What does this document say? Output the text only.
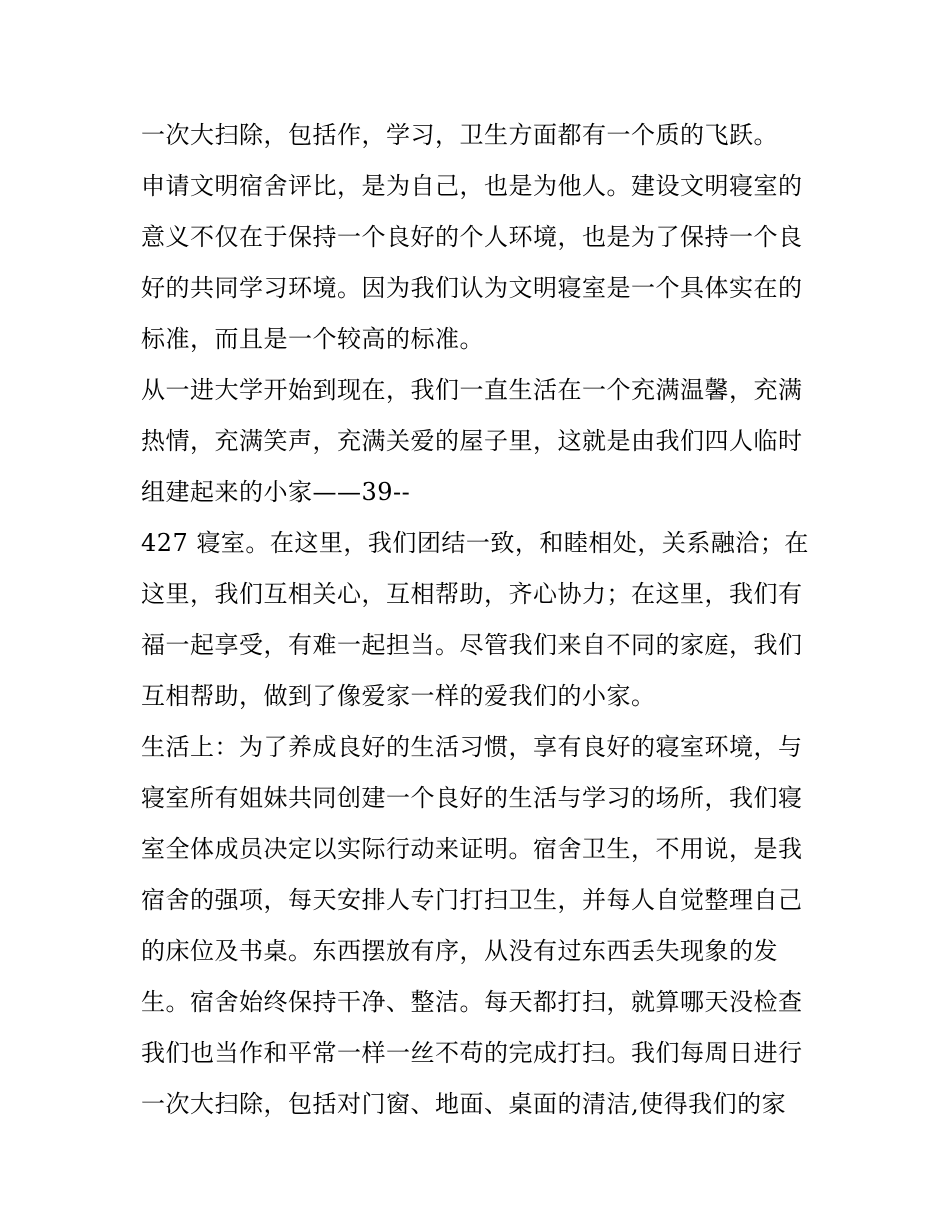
一次大扫除，包括作，学习，卫生方面都有一个质的飞跃。
申请文明宿舍评比，是为自己，也是为他人。建设文明寝室的
意义不仅在于保持一个良好的个人环境，也是为了保持一个良
好的共同学习环境。因为我们认为文明寝室是一个具体实在的
标准，而且是一个较高的标准。
从一进大学开始到现在，我们一直生活在一个充满温馨，充满
热情，充满笑声，充满关爱的屋子里，这就是由我们四人临时
组建起来的小家——39--
427 寝室。在这里，我们团结一致，和睦相处，关系融洽；在
这里，我们互相关心，互相帮助，齐心协力；在这里，我们有
福一起享受，有难一起担当。尽管我们来自不同的家庭，我们
互相帮助，做到了像爱家一样的爱我们的小家。
生活上：为了养成良好的生活习惯，享有良好的寝室环境，与
寝室所有姐妹共同创建一个良好的生活与学习的场所，我们寝
室全体成员决定以实际行动来证明。宿舍卫生，不用说，是我
宿舍的强项，每天安排人专门打扫卫生，并每人自觉整理自己
的床位及书桌。东西摆放有序，从没有过东西丢失现象的发
生。宿舍始终保持干净、整洁。每天都打扫，就算哪天没检查
我们也当作和平常一样一丝不苟的完成打扫。我们每周日进行
一次大扫除，包括对门窗、地面、桌面的清洁,使得我们的家
